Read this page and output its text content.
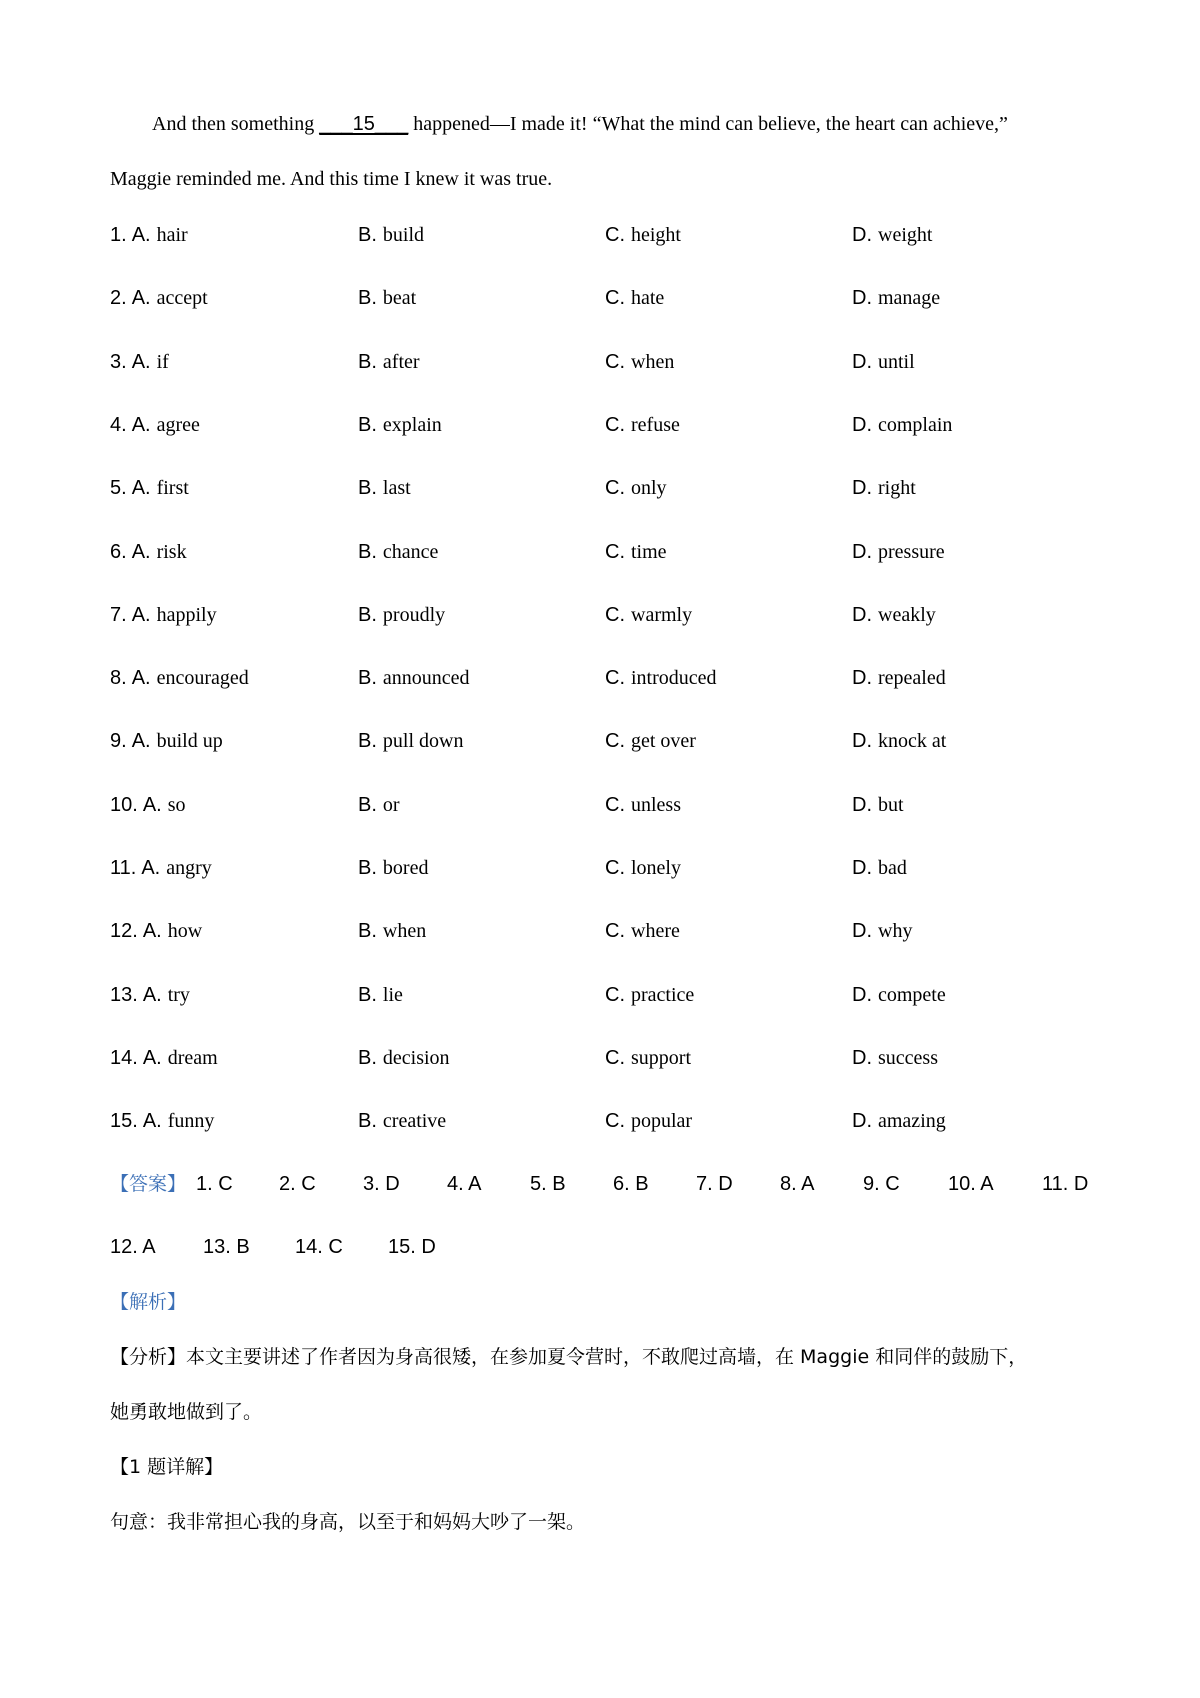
And then something ___15___ happened—I made it! “What the mind can believe, the heart can achieve,”
Maggie reminded me. And this time I knew it was true.
1. A. hair	B. build	C. height	D. weight
2. A. accept	B. beat	C. hate	D. manage
3. A. if	B. after	C. when	D. until
4. A. agree	B. explain	C. refuse	D. complain
5. A. first	B. last	C. only	D. right
6. A. risk	B. chance	C. time	D. pressure
7. A. happily	B. proudly	C. warmly	D. weakly
8. A. encouraged	B. announced	C. introduced	D. repealed
9. A. build up	B. pull down	C. get over	D. knock at
10. A. so	B. or	C. unless	D. but
11. A. angry	B. bored	C. lonely	D. bad
12. A. how	B. when	C. where	D. why
13. A. try	B. lie	C. practice	D. compete
14. A. dream	B. decision	C. support	D. success
15. A. funny	B. creative	C. popular	D. amazing
【答案】 1. C 2. C 3. D 4. A 5. B 6. B 7. D 8. A 9. C 10. A 11. D
12. A 13. B 14. C 15. D
【解析】
【分析】本文主要讲述了作者因为身高很矮，在参加夏令营时，不敢爬过高墙，在 Maggie 和同伴的鼓励下，
她勇敢地做到了。
【1 题详解】
句意：我非常担心我的身高，以至于和妈妈大吵了一架。
